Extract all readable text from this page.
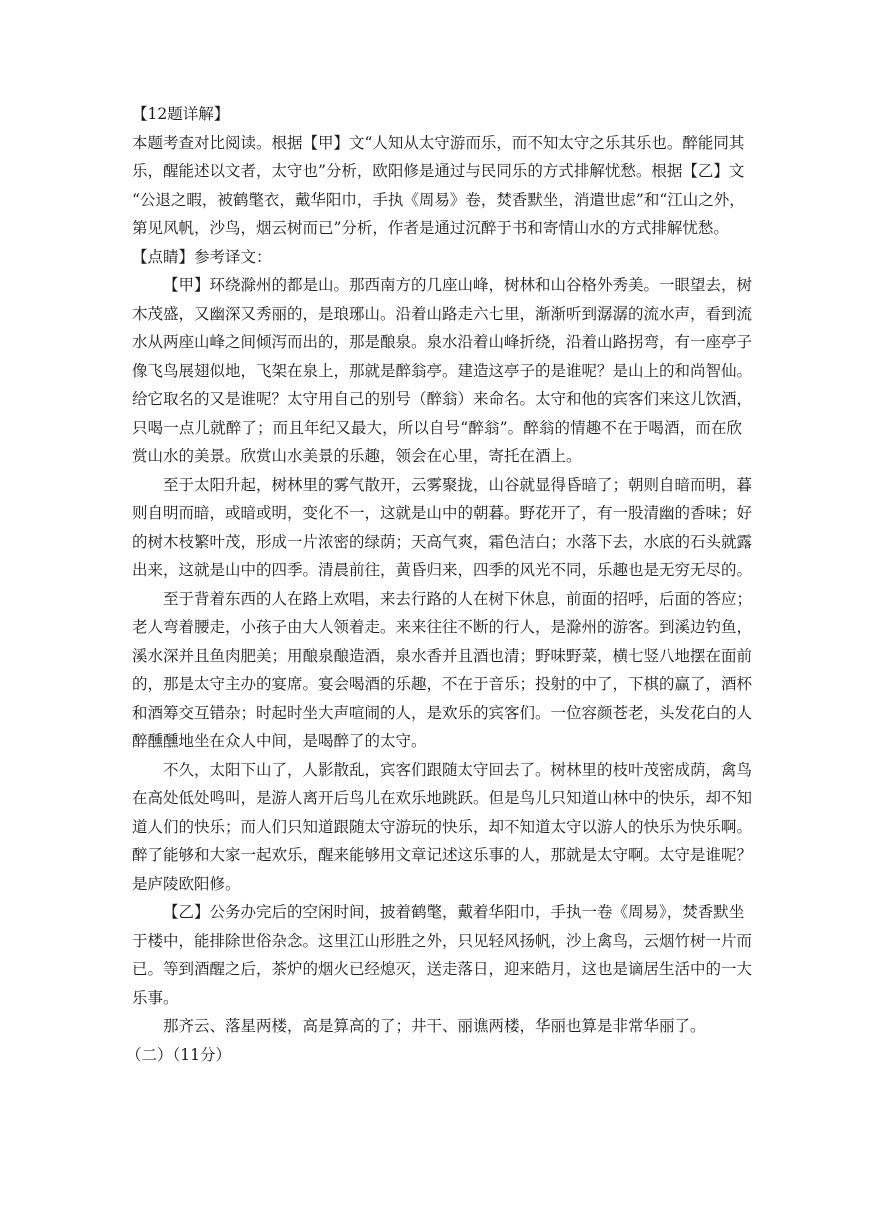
【12题详解】
本题考查对比阅读。根据【甲】文“人知从太守游而乐，而不知太守之乐其乐也。醉能同其
乐，醒能述以文者，太守也”分析，欧阳修是通过与民同乐的方式排解忧愁。根据【乙】文
“公退之暇，被鹤氅衣，戴华阳巾，手执《周易》卷，焚香默坐，消遣世虑”和“江山之外，
第见风帆，沙鸟，烟云树而已”分析，作者是通过沉醉于书和寄情山水的方式排解忧愁。
【点睛】参考译文：
【甲】环绕滁州的都是山。那西南方的几座山峰，树林和山谷格外秀美。一眼望去，树
木茂盛，又幽深又秀丽的，是琅琊山。沿着山路走六七里，渐渐听到潺潺的流水声，看到流
水从两座山峰之间倾泻而出的，那是酿泉。泉水沿着山峰折绕，沿着山路拐弯，有一座亭子
像飞鸟展翅似地，飞架在泉上，那就是醉翁亭。建造这亭子的是谁呢？是山上的和尚智仙。
给它取名的又是谁呢？太守用自己的别号（醉翁）来命名。太守和他的宾客们来这儿饮酒，
只喝一点儿就醉了；而且年纪又最大，所以自号“醉翁”。醉翁的情趣不在于喝酒，而在欣
赏山水的美景。欣赏山水美景的乐趣，领会在心里，寄托在酒上。
至于太阳升起，树林里的雾气散开，云雾聚拢，山谷就显得昏暗了；朝则自暗而明，暮
则自明而暗，或暗或明，变化不一，这就是山中的朝暮。野花开了，有一股清幽的香味；好
的树木枝繁叶茂，形成一片浓密的绿荫；天高气爽，霜色洁白；水落下去，水底的石头就露
出来，这就是山中的四季。清晨前往，黄昏归来，四季的风光不同，乐趣也是无穷无尽的。
至于背着东西的人在路上欢唱，来去行路的人在树下休息，前面的招呼，后面的答应；
老人弯着腰走，小孩子由大人领着走。来来往往不断的行人，是滁州的游客。到溪边钓鱼，
溪水深并且鱼肉肥美；用酿泉酿造酒，泉水香并且酒也清；野味野菜，横七竖八地摆在面前
的，那是太守主办的宴席。宴会喝酒的乐趣，不在于音乐；投射的中了，下棋的赢了，酒杯
和酒筹交互错杂；时起时坐大声喧闹的人，是欢乐的宾客们。一位容颜苍老，头发花白的人
醉醺醺地坐在众人中间，是喝醉了的太守。
不久，太阳下山了，人影散乱，宾客们跟随太守回去了。树林里的枝叶茂密成荫，禽鸟
在高处低处鸣叫，是游人离开后鸟儿在欢乐地跳跃。但是鸟儿只知道山林中的快乐，却不知
道人们的快乐；而人们只知道跟随太守游玩的快乐，却不知道太守以游人的快乐为快乐啊。
醉了能够和大家一起欢乐，醒来能够用文章记述这乐事的人，那就是太守啊。太守是谁呢？
是庐陵欧阳修。
【乙】公务办完后的空闲时间，披着鹤氅，戴着华阳巾，手执一卷《周易》，焚香默坐
于楼中，能排除世俗杂念。这里江山形胜之外，只见轻风扬帆，沙上禽鸟，云烟竹树一片而
已。等到酒醒之后，茶炉的烟火已经熄灭，送走落日，迎来皓月，这也是谪居生活中的一大
乐事。
那齐云、落星两楼，高是算高的了；井干、丽谯两楼，华丽也算是非常华丽了。
（二）（11分）
